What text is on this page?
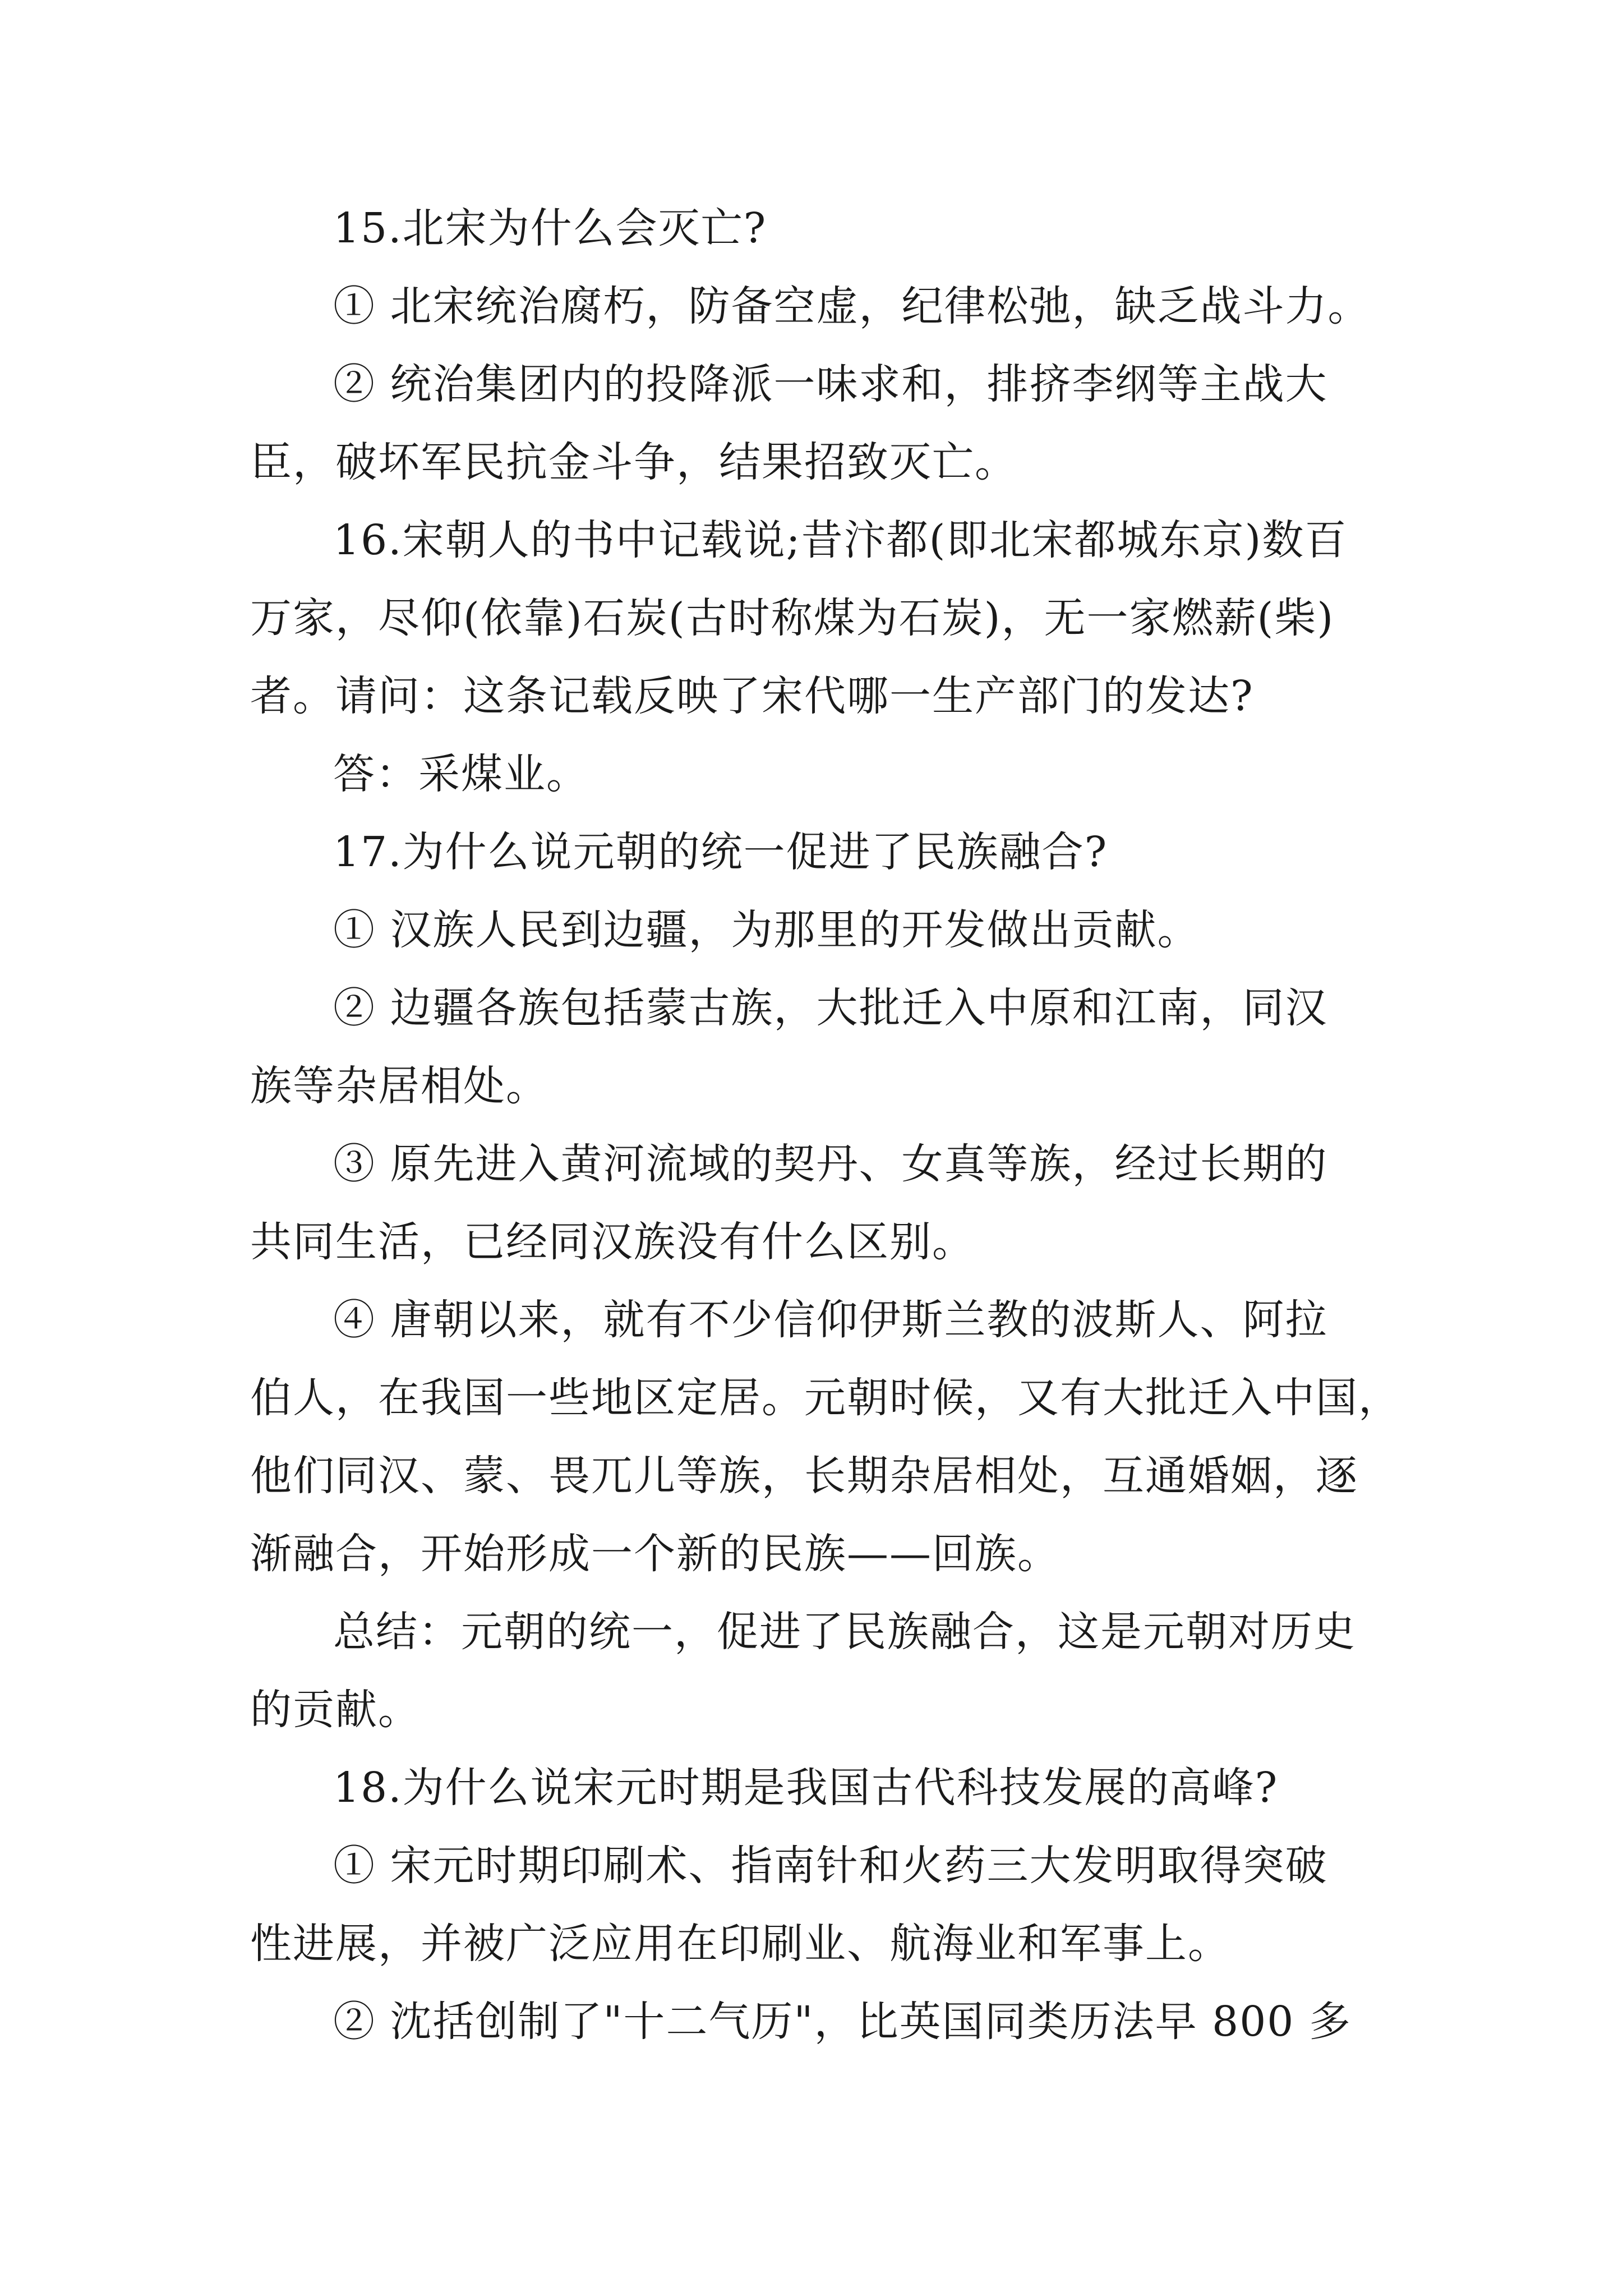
15.北宋为什么会灭亡?
① 北宋统治腐朽，防备空虚，纪律松弛，缺乏战斗力。
② 统治集团内的投降派一味求和，排挤李纲等主战大
臣，破坏军民抗金斗争，结果招致灭亡。
16.宋朝人的书中记载说;昔汴都(即北宋都城东京)数百
万家，尽仰(依靠)石炭(古时称煤为石炭)，无一家燃薪(柴)
者。请问：这条记载反映了宋代哪一生产部门的发达?
答：采煤业。
17.为什么说元朝的统一促进了民族融合?
① 汉族人民到边疆，为那里的开发做出贡献。
② 边疆各族包括蒙古族，大批迁入中原和江南，同汉
族等杂居相处。
③ 原先进入黄河流域的契丹、女真等族，经过长期的
共同生活，已经同汉族没有什么区别。
④ 唐朝以来，就有不少信仰伊斯兰教的波斯人、阿拉
伯人，在我国一些地区定居。元朝时候，又有大批迁入中国，
他们同汉、蒙、畏兀儿等族，长期杂居相处，互通婚姻，逐
渐融合，开始形成一个新的民族——回族。
总结：元朝的统一，促进了民族融合，这是元朝对历史
的贡献。
18.为什么说宋元时期是我国古代科技发展的高峰?
① 宋元时期印刷术、指南针和火药三大发明取得突破
性进展，并被广泛应用在印刷业、航海业和军事上。
② 沈括创制了"十二气历"，比英国同类历法早 800 多
